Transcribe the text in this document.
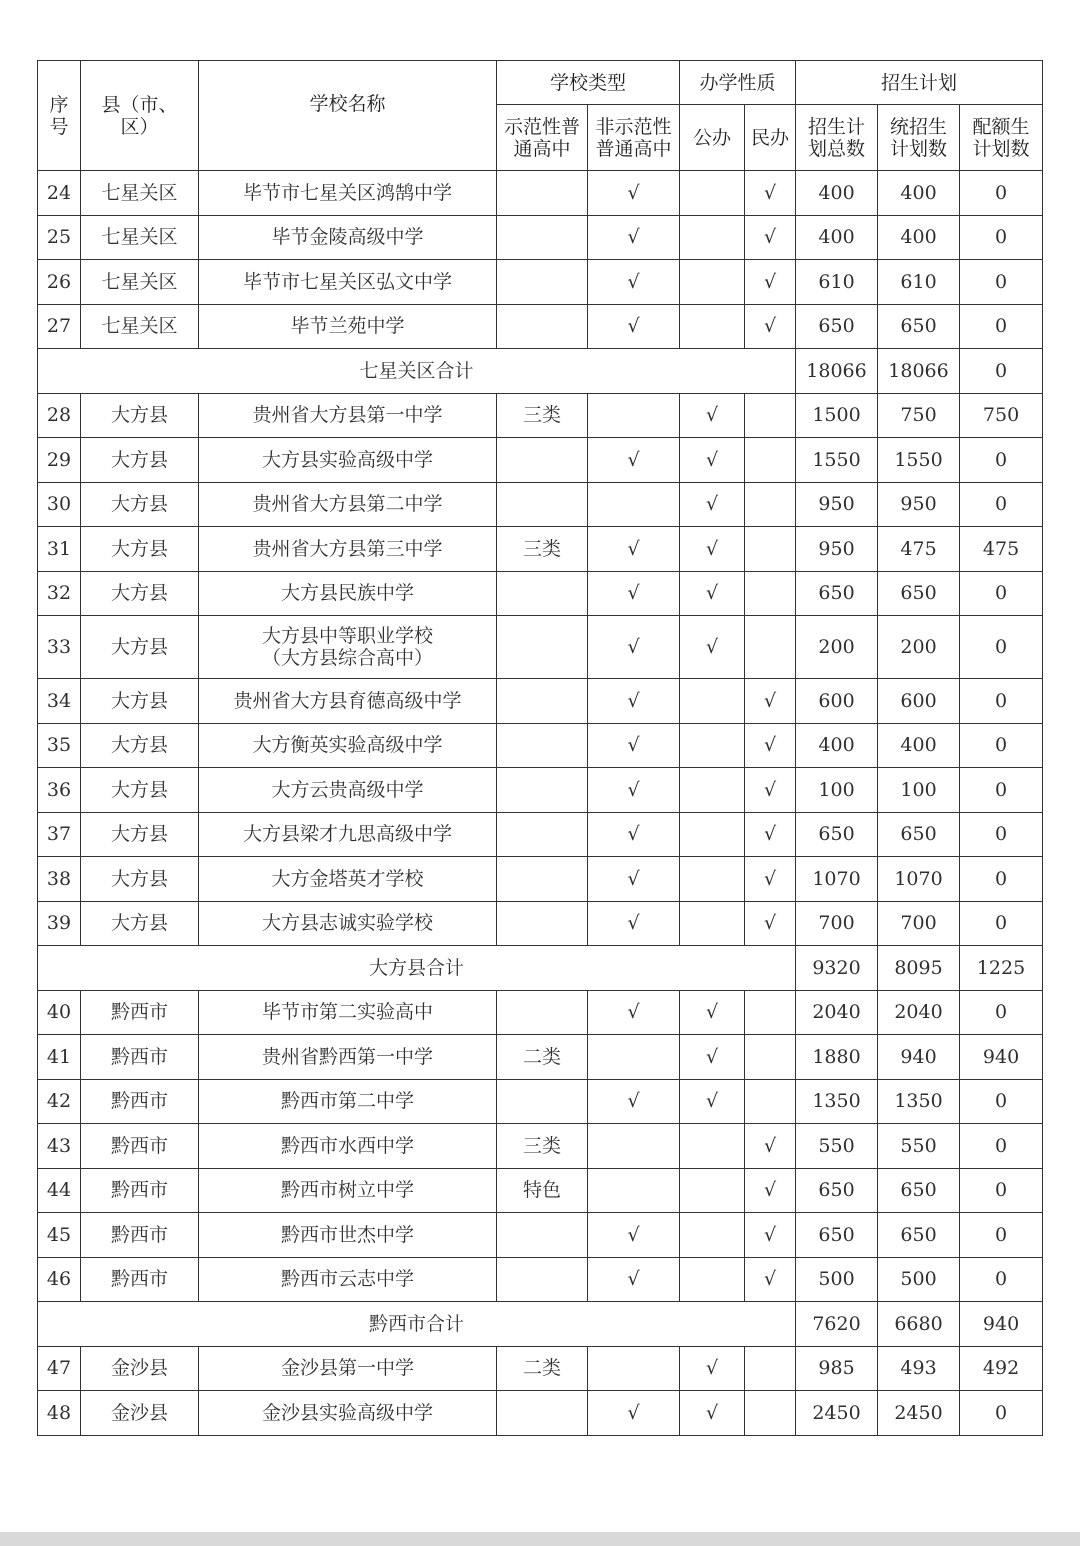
序号	县（市、区）	学校名称	学校类型		办学性质		招生计划		
			示范性普通高中	非示范性普通高中	公办	民办	招生计划总数	统招生计划数	配额生计划数
24	七星关区	毕节市七星关区鸿鹄中学		√		√	400	400	0
25	七星关区	毕节金陵高级中学		√		√	400	400	0
26	七星关区	毕节市七星关区弘文中学		√		√	610	610	0
27	七星关区	毕节兰苑中学		√		√	650	650	0
七星关区合计							18066	18066	0
28	大方县	贵州省大方县第一中学	三类		√		1500	750	750
29	大方县	大方县实验高级中学		√	√		1550	1550	0
30	大方县	贵州省大方县第二中学			√		950	950	0
31	大方县	贵州省大方县第三中学	三类	√	√		950	475	475
32	大方县	大方县民族中学		√	√		650	650	0
33	大方县	大方县中等职业学校
（大方县综合高中）		√	√		200	200	0
34	大方县	贵州省大方县育德高级中学		√		√	600	600	0
35	大方县	大方衡英实验高级中学		√		√	400	400	0
36	大方县	大方云贵高级中学		√		√	100	100	0
37	大方县	大方县梁才九思高级中学		√		√	650	650	0
38	大方县	大方金塔英才学校		√		√	1070	1070	0
39	大方县	大方县志诚实验学校		√		√	700	700	0
大方县合计							9320	8095	1225
40	黔西市	毕节市第二实验高中		√	√		2040	2040	0
41	黔西市	贵州省黔西第一中学	二类		√		1880	940	940
42	黔西市	黔西市第二中学		√	√		1350	1350	0
43	黔西市	黔西市水西中学	三类			√	550	550	0
44	黔西市	黔西市树立中学	特色			√	650	650	0
45	黔西市	黔西市世杰中学		√		√	650	650	0
46	黔西市	黔西市云志中学		√		√	500	500	0
黔西市合计							7620	6680	940
47	金沙县	金沙县第一中学	二类		√		985	493	492
48	金沙县	金沙县实验高级中学		√	√		2450	2450	0
